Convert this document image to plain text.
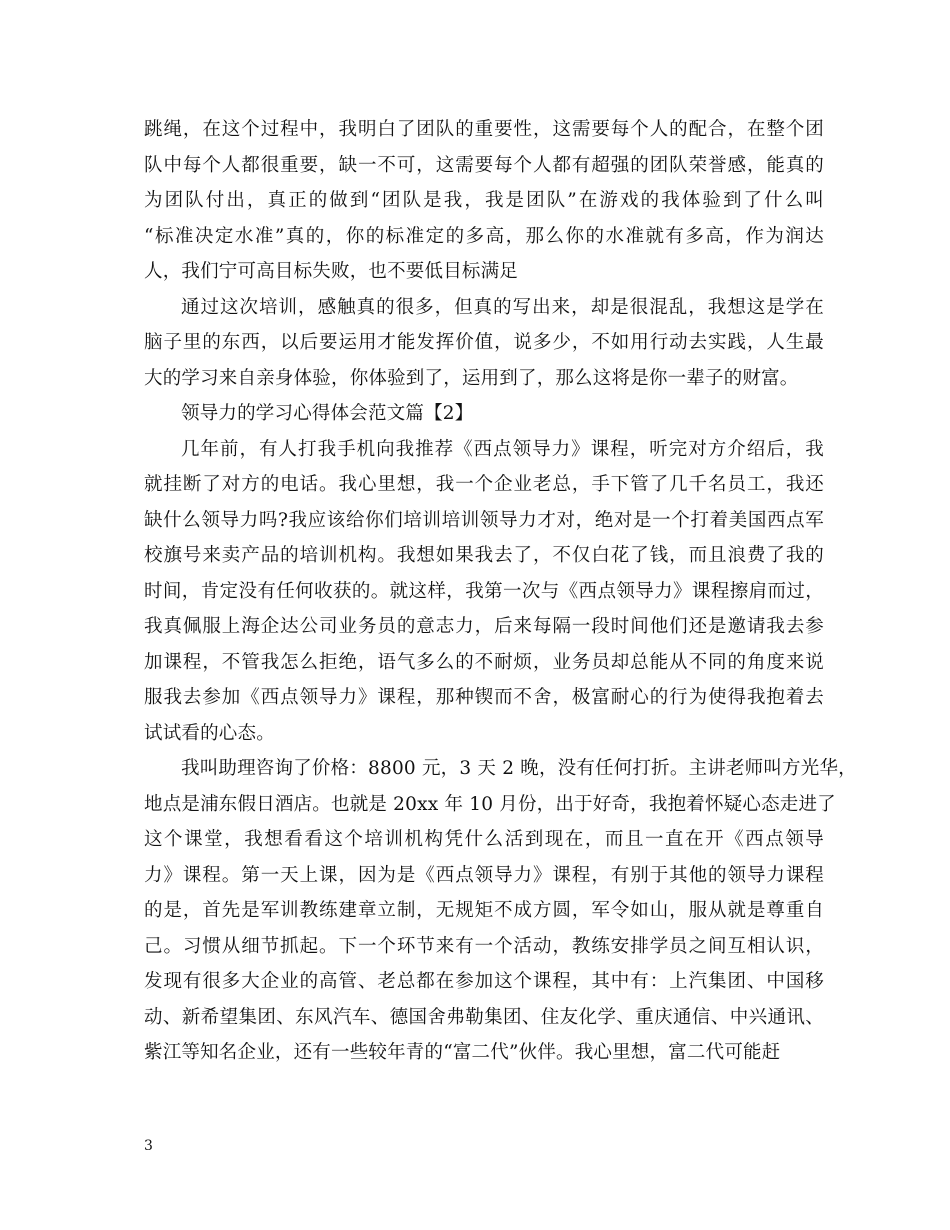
跳绳，在这个过程中，我明白了团队的重要性，这需要每个人的配合，在整个团
队中每个人都很重要，缺一不可，这需要每个人都有超强的团队荣誉感，能真的
为团队付出，真正的做到“团队是我，我是团队”在游戏的我体验到了什么叫
“标准决定水准”真的，你的标准定的多高，那么你的水准就有多高，作为润达
人，我们宁可高目标失败，也不要低目标满足
通过这次培训，感触真的很多，但真的写出来，却是很混乱，我想这是学在
脑子里的东西，以后要运用才能发挥价值，说多少，不如用行动去实践，人生最
大的学习来自亲身体验，你体验到了，运用到了，那么这将是你一辈子的财富。
领导力的学习心得体会范文篇【2】
几年前，有人打我手机向我推荐《西点领导力》课程，听完对方介绍后，我
就挂断了对方的电话。我心里想，我一个企业老总，手下管了几千名员工，我还
缺什么领导力吗?我应该给你们培训培训领导力才对，绝对是一个打着美国西点军
校旗号来卖产品的培训机构。我想如果我去了，不仅白花了钱，而且浪费了我的
时间，肯定没有任何收获的。就这样，我第一次与《西点领导力》课程擦肩而过，
我真佩服上海企达公司业务员的意志力，后来每隔一段时间他们还是邀请我去参
加课程，不管我怎么拒绝，语气多么的不耐烦，业务员却总能从不同的角度来说
服我去参加《西点领导力》课程，那种锲而不舍，极富耐心的行为使得我抱着去
试试看的心态。
我叫助理咨询了价格：8800 元，3 天 2 晚，没有任何打折。主讲老师叫方光华，
地点是浦东假日酒店。也就是 20xx 年 10 月份，出于好奇，我抱着怀疑心态走进了
这个课堂，我想看看这个培训机构凭什么活到现在，而且一直在开《西点领导
力》课程。第一天上课，因为是《西点领导力》课程，有别于其他的领导力课程
的是，首先是军训教练建章立制，无规矩不成方圆，军令如山，服从就是尊重自
己。习惯从细节抓起。下一个环节来有一个活动，教练安排学员之间互相认识，
发现有很多大企业的高管、老总都在参加这个课程，其中有：上汽集团、中国移
动、新希望集团、东风汽车、德国舍弗勒集团、住友化学、重庆通信、中兴通讯、
紫江等知名企业，还有一些较年青的“富二代”伙伴。我心里想，富二代可能赶
3
